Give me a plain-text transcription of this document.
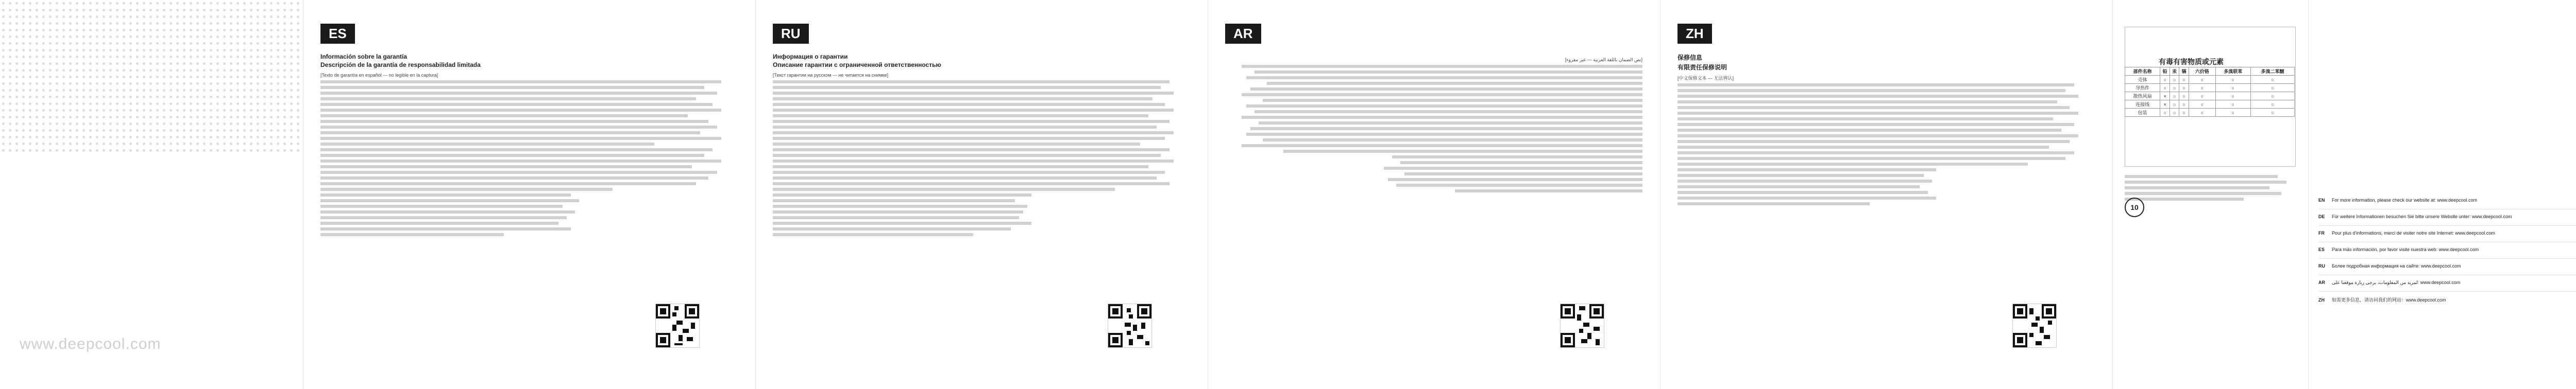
www.deepcool.com
ES
Información sobre la garantía
Descripción de la garantía de responsabilidad limitada
[Texto de garantía en español — no legible en la captura]
RU
Информация о гарантии
Описание гарантии с ограниченной ответственностью
[Текст гарантии на русском — не читается на снимке]
AR
[نص الضمان باللغة العربية — غير مقروء]
ZH
保修信息
有限责任保修说明
[中文保修文本 — 无法辨认]
有毒有害物质或元素
部件名称	铅	汞	镉	六价铬	多溴联苯	多溴二苯醚
壳体	○	○	○	○	○	○
导热件	○	○	○	○	○	○
散热风扇	×	○	○	○	○	○
连接线	×	○	○	○	○	○
包装	○	○	○	○	○	○
10
EN For more information, please check our website at: www.deepcool.com
DE Für weitere Informationen besuchen Sie bitte unsere Website unter: www.deepcool.com
FR Pour plus d'informations, merci de visiter notre site Internet: www.deepcool.com
ES Para más información, por favor visite nuestra web: www.deepcool.com
RU Более подробная информация на сайте: www.deepcool.com
AR لمزيد من المعلومات، يرجى زيارة موقعنا على: www.deepcool.com
ZH 如需更多信息，请访问我们的网站：www.deepcool.com
